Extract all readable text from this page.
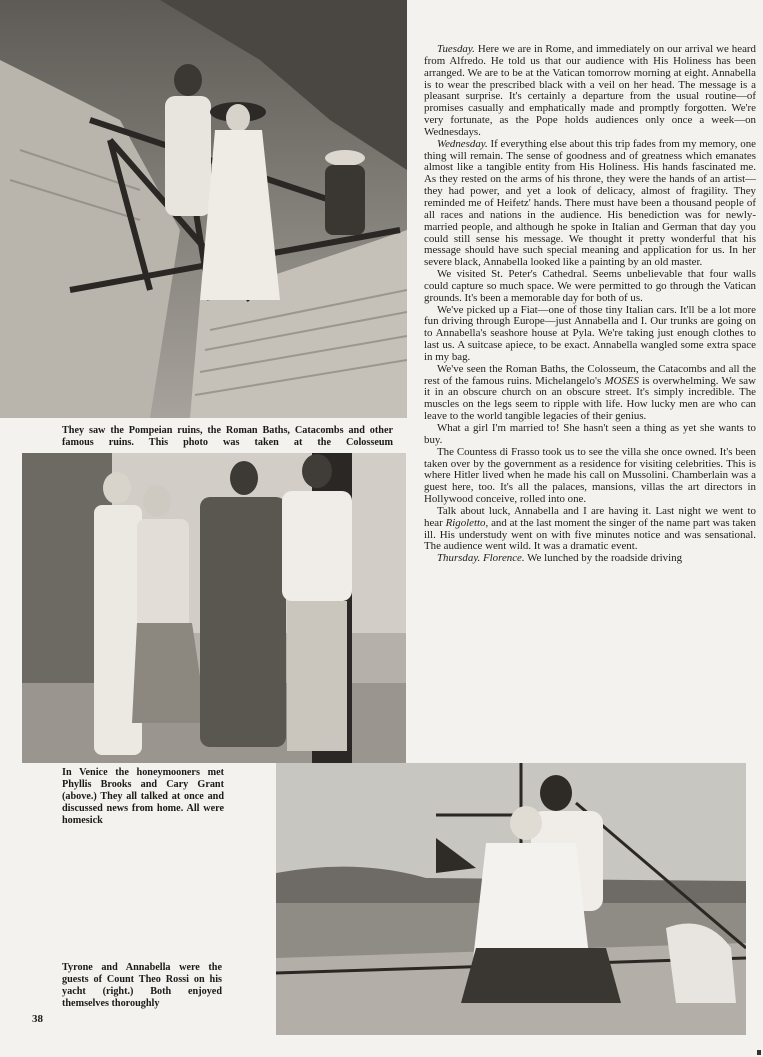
They saw the Pompeian ruins, the Roman Baths, Catacombs and other famous ruins. This photo was taken at the Colosseum
In Venice the honeymooners met Phyllis Brooks and Cary Grant (above.) They all talked at once and discussed news from home. All were homesick
Tyrone and Annabella were the guests of Count Theo Rossi on his yacht (right.) Both enjoyed themselves thoroughly

Tuesday. Here we are in Rome, and immediately on our arrival we heard from Alfredo. He told us that our audience with His Holiness has been arranged. We are to be at the Vatican tomorrow morning at eight. Annabella is to wear the prescribed black with a veil on her head. The message is a pleasant surprise. It's certainly a departure from the usual routine—of promises casually and emphatically made and promptly forgotten. We're very fortunate, as the Pope holds audiences only once a week—on Wednesdays.

Wednesday. If everything else about this trip fades from my memory, one thing will remain. The sense of goodness and of greatness which emanates almost like a tangible entity from His Holiness. His hands fascinated me. As they rested on the arms of his throne, they were the hands of an artist—they had power, and yet a look of delicacy, almost of fragility. They reminded me of Heifetz' hands. There must have been a thousand people of all races and nations in the audience. His benediction was for newly-married people, and although he spoke in Italian and German that day you could still sense his message. We thought it pretty wonderful that his message should have such special meaning and application for us. In her severe black, Annabella looked like a painting by an old master.

We visited St. Peter's Cathedral. Seems unbelievable that four walls could capture so much space. We were permitted to go through the Vatican grounds. It's been a memorable day for both of us.

We've picked up a Fiat—one of those tiny Italian cars. It'll be a lot more fun driving through Europe—just Annabella and I. Our trunks are going on to Annabella's seashore house at Pyla. We're taking just enough clothes to last us. A suitcase apiece, to be exact. Annabella wangled some extra space in my bag.

We've seen the Roman Baths, the Colosseum, the Catacombs and all the rest of the famous ruins. Michelangelo's MOSES is overwhelming. We saw it in an obscure church on an obscure street. It's simply incredible. The muscles on the legs seem to ripple with life. How lucky men are who can leave to the world tangible legacies of their genius.

What a girl I'm married to! She hasn't seen a thing as yet she wants to buy.

The Countess di Frasso took us to see the villa she once owned. It's been taken over by the government as a residence for visiting celebrities. This is where Hitler lived when he made his call on Mussolini. Chamberlain was a guest here, too. It's all the palaces, mansions, villas the art directors in Hollywood conceive, rolled into one.

Talk about luck, Annabella and I are having it. Last night we went to hear Rigoletto, and at the last moment the singer of the name part was taken ill. His understudy went on with five minutes notice and was sensational. The audience went wild. It was a dramatic event.

Thursday. Florence. We lunched by the roadside driving

38
